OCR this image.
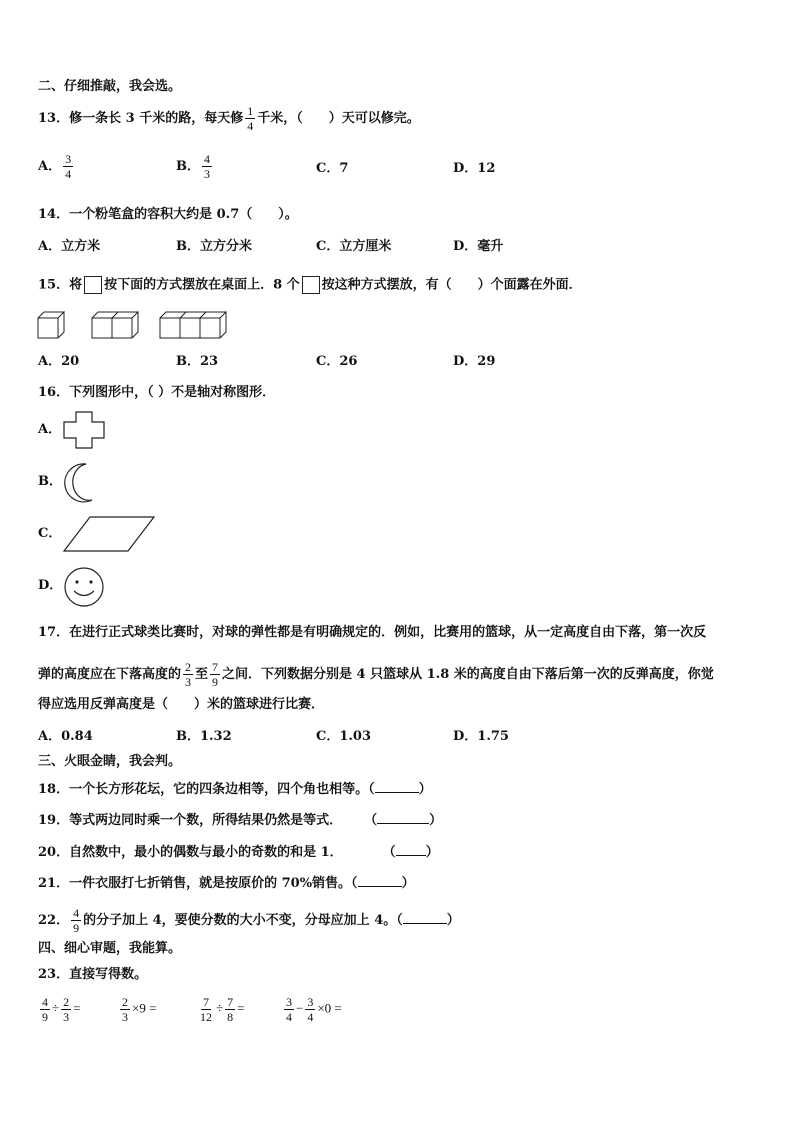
二、仔细推敲，我会选。
13．修一条长 3 千米的路，每天修 $\frac{1}{4}$ 千米，（　　）天可以修完。
A． $\frac{3}{4}$	B． $\frac{4}{3}$	C．7	D．12
14．一个粉笔盒的容积大约是 0.7（　　）。
A．立方米	B．立方分米	C．立方厘米	D．毫升
15．将 按下面的方式摆放在桌面上．8 个 按这种方式摆放，有（　　）个面露在外面．
A．20	B．23	C．26	D．29
16．下列图形中，（ ）不是轴对称图形．
A．
B．
C．
D．
17．在进行正式球类比赛时，对球的弹性都是有明确规定的．例如，比赛用的篮球，从一定高度自由下落，第一次反
弹的高度应在下落高度的 $\frac{2}{3}$ 至 $\frac{7}{9}$ 之间．下列数据分别是 4 只篮球从 1.8 米的高度自由下落后第一次的反弹高度，你觉
得应选用反弹高度是（　　）米的篮球进行比赛．
A．0.84	B．1.32	C．1.03	D．1.75
三、火眼金睛，我会判。
18．一个长方形花坛，它的四条边相等，四个角也相等。（	）
19．等式两边同时乘一个数，所得结果仍然是等式． （	）
20．自然数中，最小的偶数与最小的奇数的和是 1．	（ ）
21．一件衣服打七折销售，就是按原价的 70%销售。（	）
22． $\frac{4}{9}$ 的分子加上 4，要使分数的大小不变，分母应加上 4。（	）
四、细心审题，我能算。
23．直接写得数。
$\frac{4}{9} \div \frac{2}{3}$ =	$\frac{2}{3} \times 9$ =	$\frac{7}{12} \div \frac{7}{8}$ =	$\frac{3}{4} - \frac{3}{4} \times 0$ =
